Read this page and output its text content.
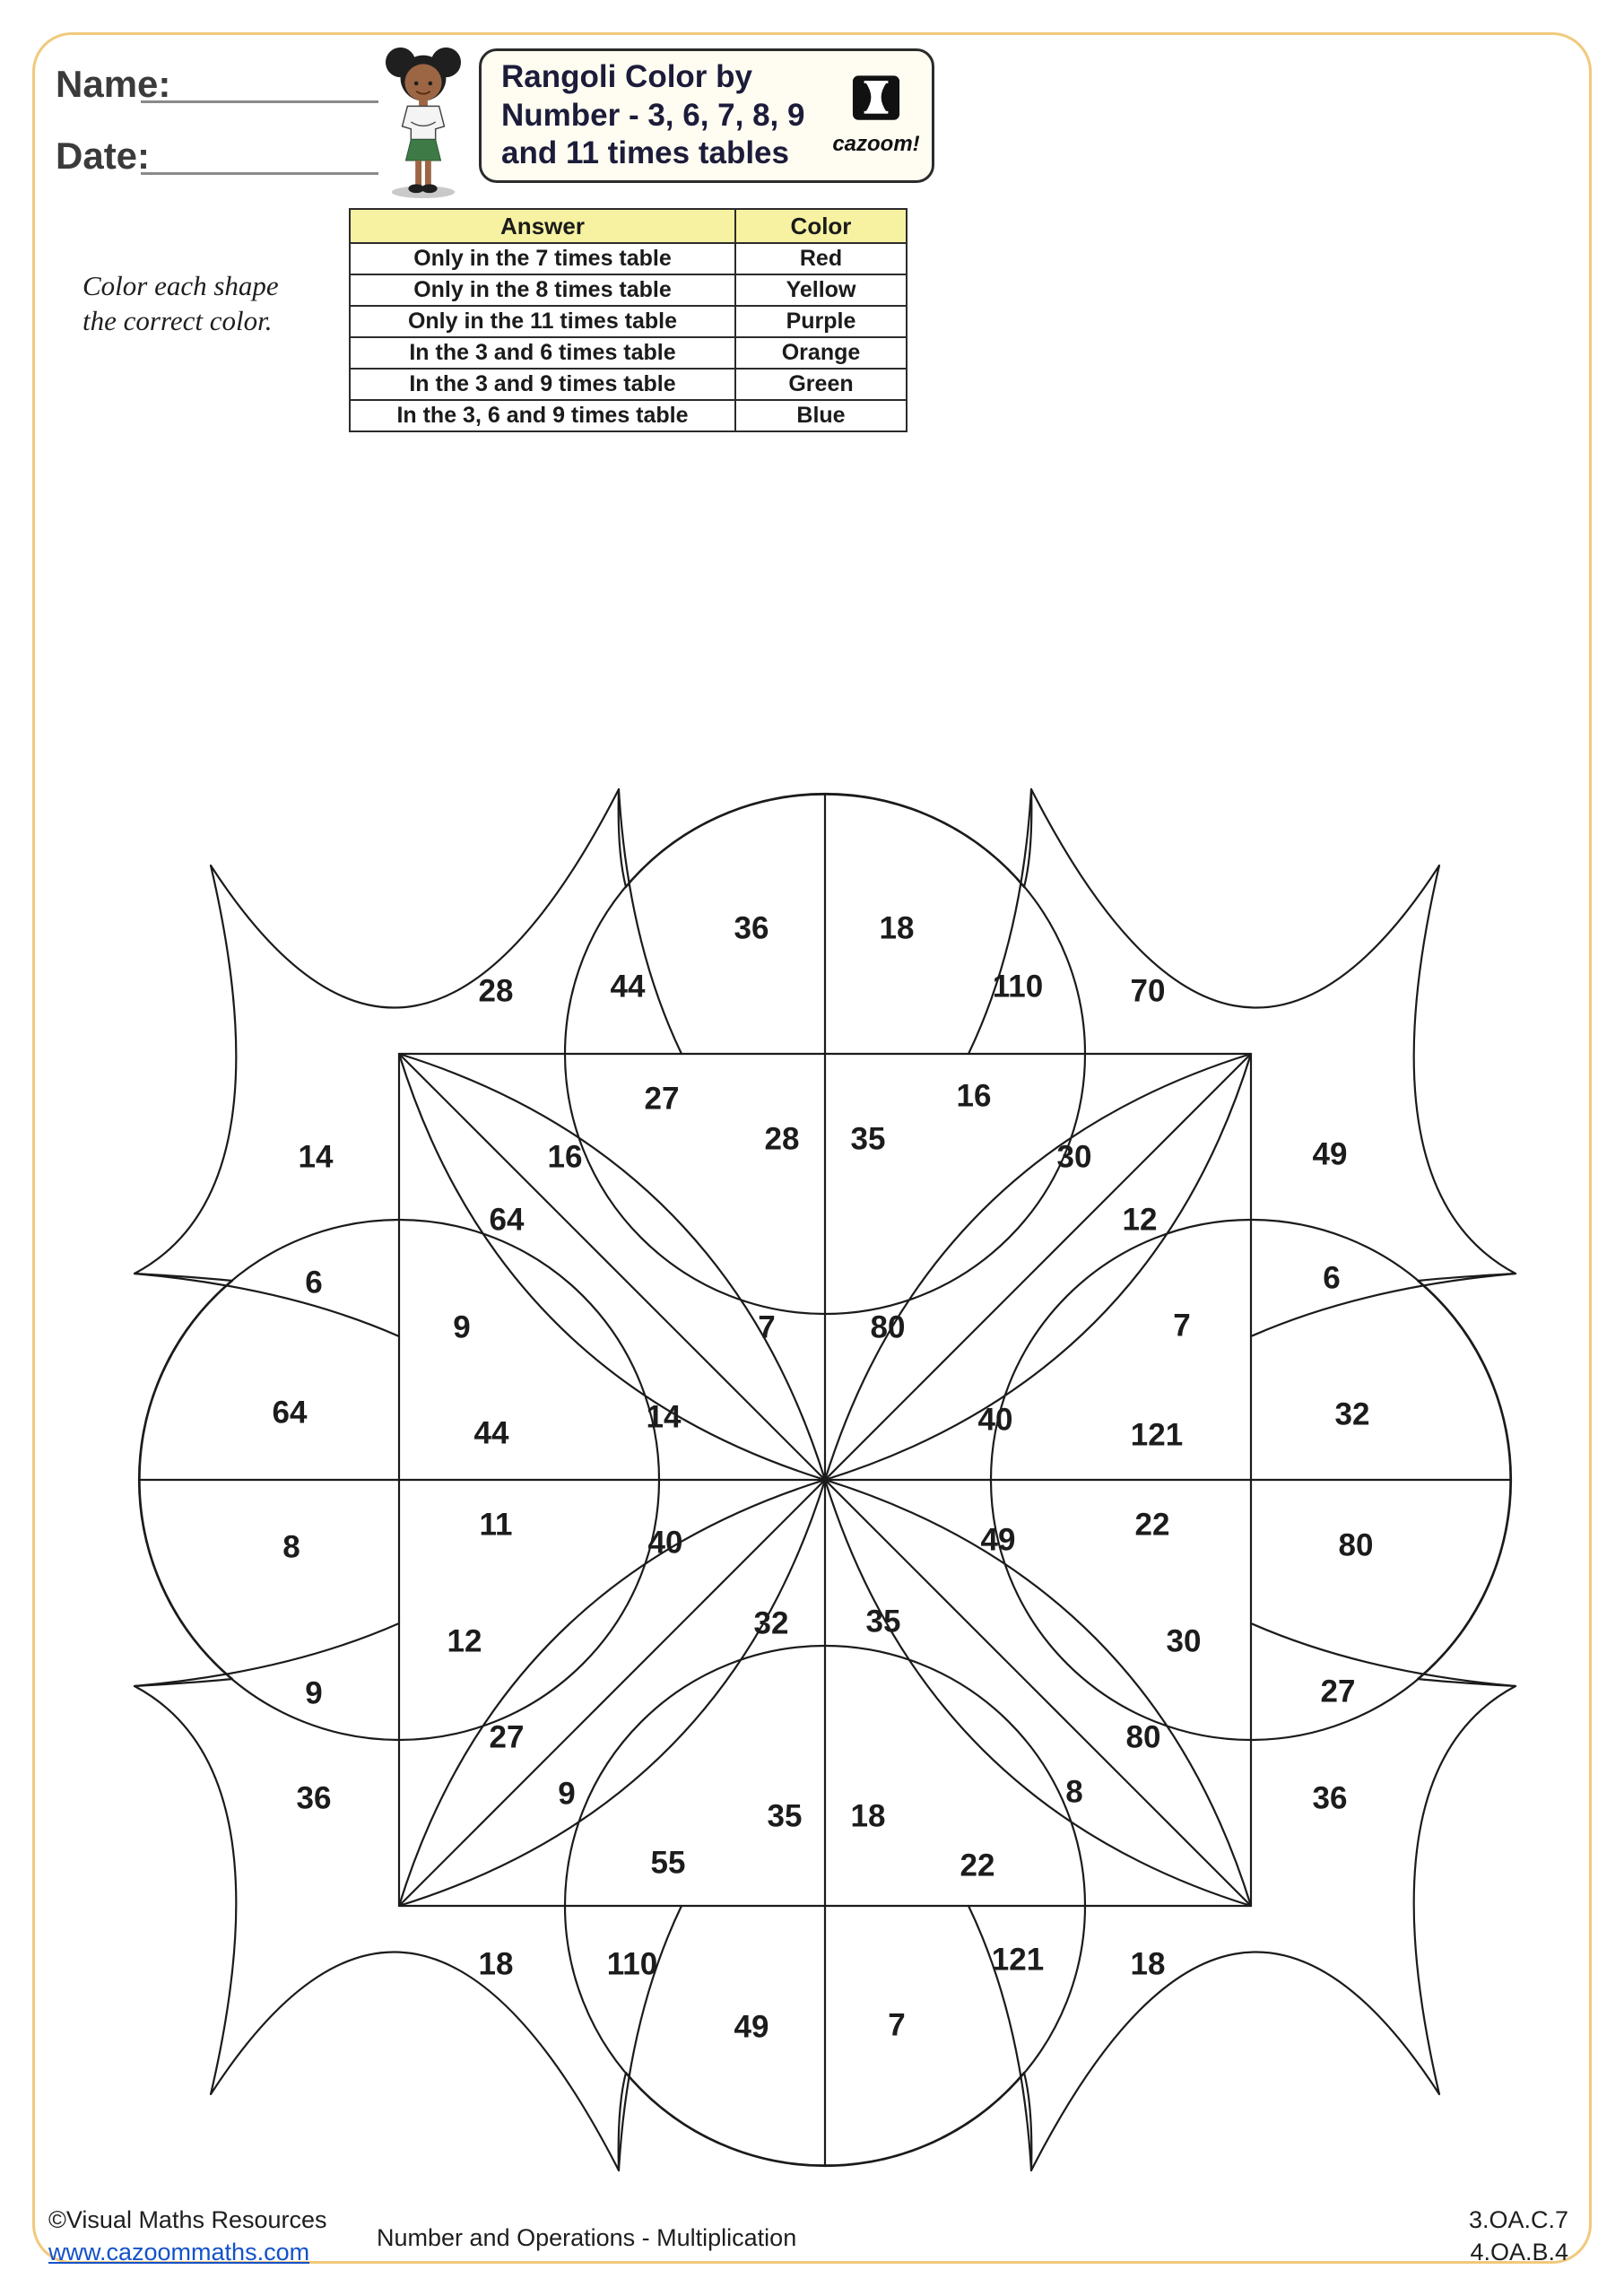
Name:
Date:
Rangoli Color by Number - 3, 6, 7, 8, 9 and 11 times tables	cazoom!
Color each shape the correct color.
Answer	Color
Only in the 7 times table	Red
Only in the 8 times table	Yellow
Only in the 11 times table	Purple
In the 3 and 6 times table	Orange
In the 3 and 9 times table	Green
In the 3, 6 and 9 times table	Blue
36	18
28	44	110	70
27	16
28 35
16	30
14	49
64	12
6	6
9	7	80	7
64
44	14	40	121
32
8
11
40	49	22
80
12
32 35
30
9	27
27	80
36	9	8	36
35 18
55	22
18	110	121	18
49	7
©Visual Maths Resources
www.cazoommaths.com
Number and Operations - Multiplication
3.OA.C.7
4.OA.B.4
